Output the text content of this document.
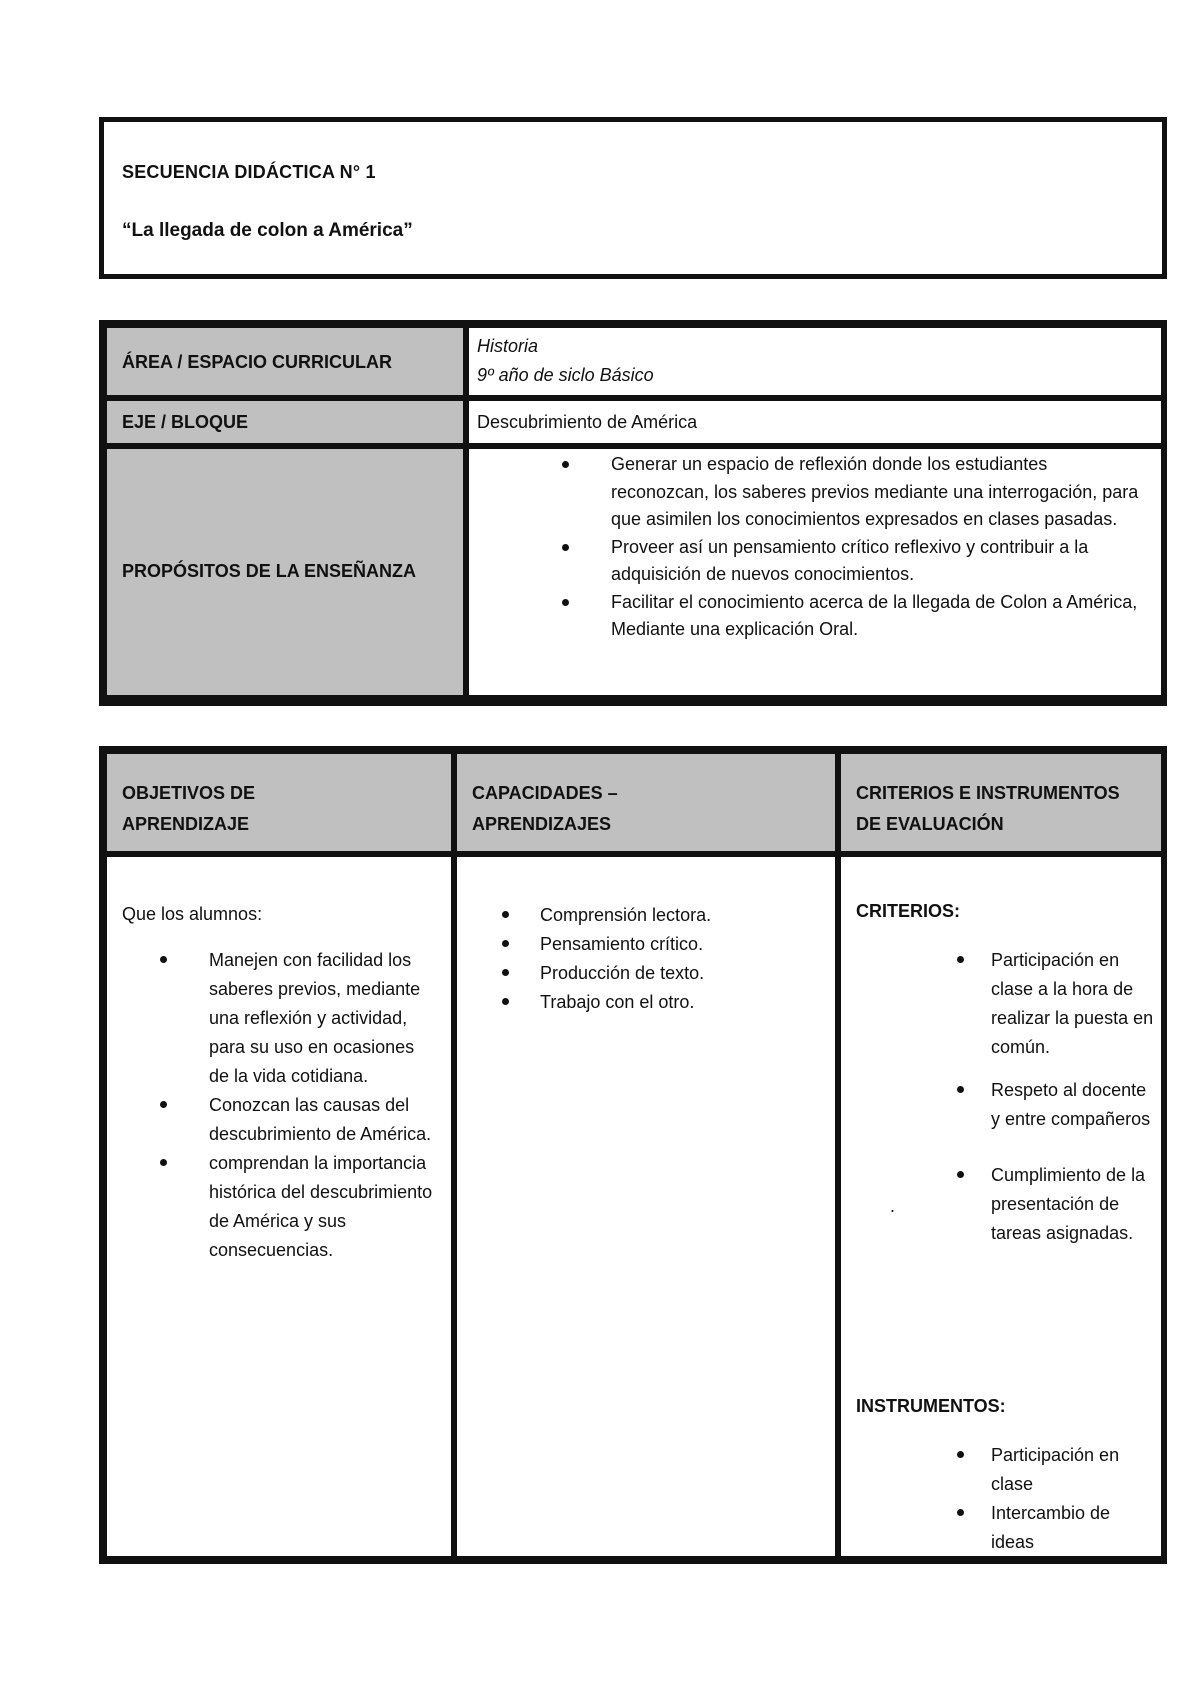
SECUENCIA DIDÁCTICA N° 1
“La llegada de colon a América”
ÁREA / ESPACIO CURRICULAR
Historia
9º año de siclo Básico
EJE / BLOQUE	Descubrimiento de América
PROPÓSITOS DE LA ENSEÑANZA
Generar un espacio de reflexión donde los estudiantes reconozcan, los saberes previos mediante una interrogación, para que asimilen los conocimientos expresados en clases pasadas.
Proveer así un pensamiento crítico reflexivo y contribuir a la adquisición de nuevos conocimientos.
Facilitar el conocimiento acerca de la llegada de Colon a América, Mediante una explicación Oral.
OBJETIVOS DE
APRENDIZAJE
CAPACIDADES –
APRENDIZAJES
CRITERIOS E INSTRUMENTOS
DE EVALUACIÓN
Que los alumnos:
Manejen con facilidad los saberes previos, mediante una reflexión y actividad, para su uso en ocasiones de la vida cotidiana.
Conozcan las causas del descubrimiento de América.
comprendan la importancia histórica del descubrimiento de América y sus consecuencias.
Comprensión lectora.
Pensamiento crítico.
Producción de texto.
Trabajo con el otro.
CRITERIOS:
Participación en clase a la hora de realizar la puesta en común.
Respeto al docente y entre compañeros
Cumplimiento de la presentación de tareas asignadas.
.
INSTRUMENTOS:
Participación en clase
Intercambio de ideas
